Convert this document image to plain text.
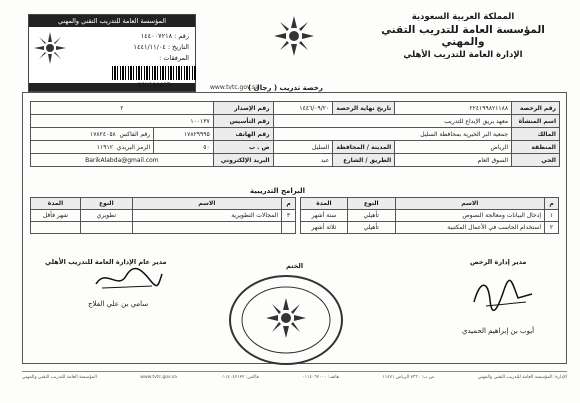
المملكة العربية السعودية
المؤسسة العامة للتدريب التقني والمهني
الإدارة العامة للتدريب الأهلي
المؤسسة العامة للتدريب التقني والمهني
رقم : ١٤٤٠٠٧٢١٨
التاريخ : ١٤٤١/١١/٠٤
المرفقات :
81U1444C7	www.tvtc.gov.sa
رخصة تدريب ( رجال )
رقم الرخصة	٢٢٤١٩٩٨٢١١٨٨	تاريخ نهاية الرخصة	١٤٤٦/٠٩/٢٠	رقم الإصدار	٢	
اسم المنشأة	معهد بريق الإبداع للتدريب			رقم التأسيس	١٠٠١٣٧	
المالك	جمعية البر الخيرية بمحافظة السليل			رقم الهاتف	١٧٨٢٩٩٩٥	رقم الفاكس  ١٧٨٢٤٠٥٨
المنطقة	الرياض	المدينة / المحافظة	السليل	ص . ب	٥٠	الرمز البريدي  ١١٩١٢
الحي	السوق العام	الطريق / الشارع	عبد	البريد الإلكتروني	BarikAlabda@gmail.com	
البرامج التدريبية
م	الاسم	النوع	المدة
١	إدخال البيانات ومعالجة النصوص	تأهيلي	ستة أشهر
٢	استخدام الحاسب في الأعمال المكتبية	تأهيلي	ثلاثة أشهر
م	الاسم	النوع	المدة
٣	المجالات التطويرية	تطويري	شهر فأقل

مدير إدارة الرخص
أيوب بن إبراهيم الحميدي
الختم
مدير عام الإدارة العامة للتدريب الأهلي
سامي بن علي الفلاج
الإدارة: المؤسسة العامة للتدريب التقني والمهني
ص.ب: ٧٣٣٠ الرياض ١١٤٧١
هاتف: ٠١١٤٠٦٢٠٠٠
فاكس: ٠١١٤٠٤٢١٢٢
www.tvtc.gov.sa
المؤسسة العامة للتدريب التقني والمهني
